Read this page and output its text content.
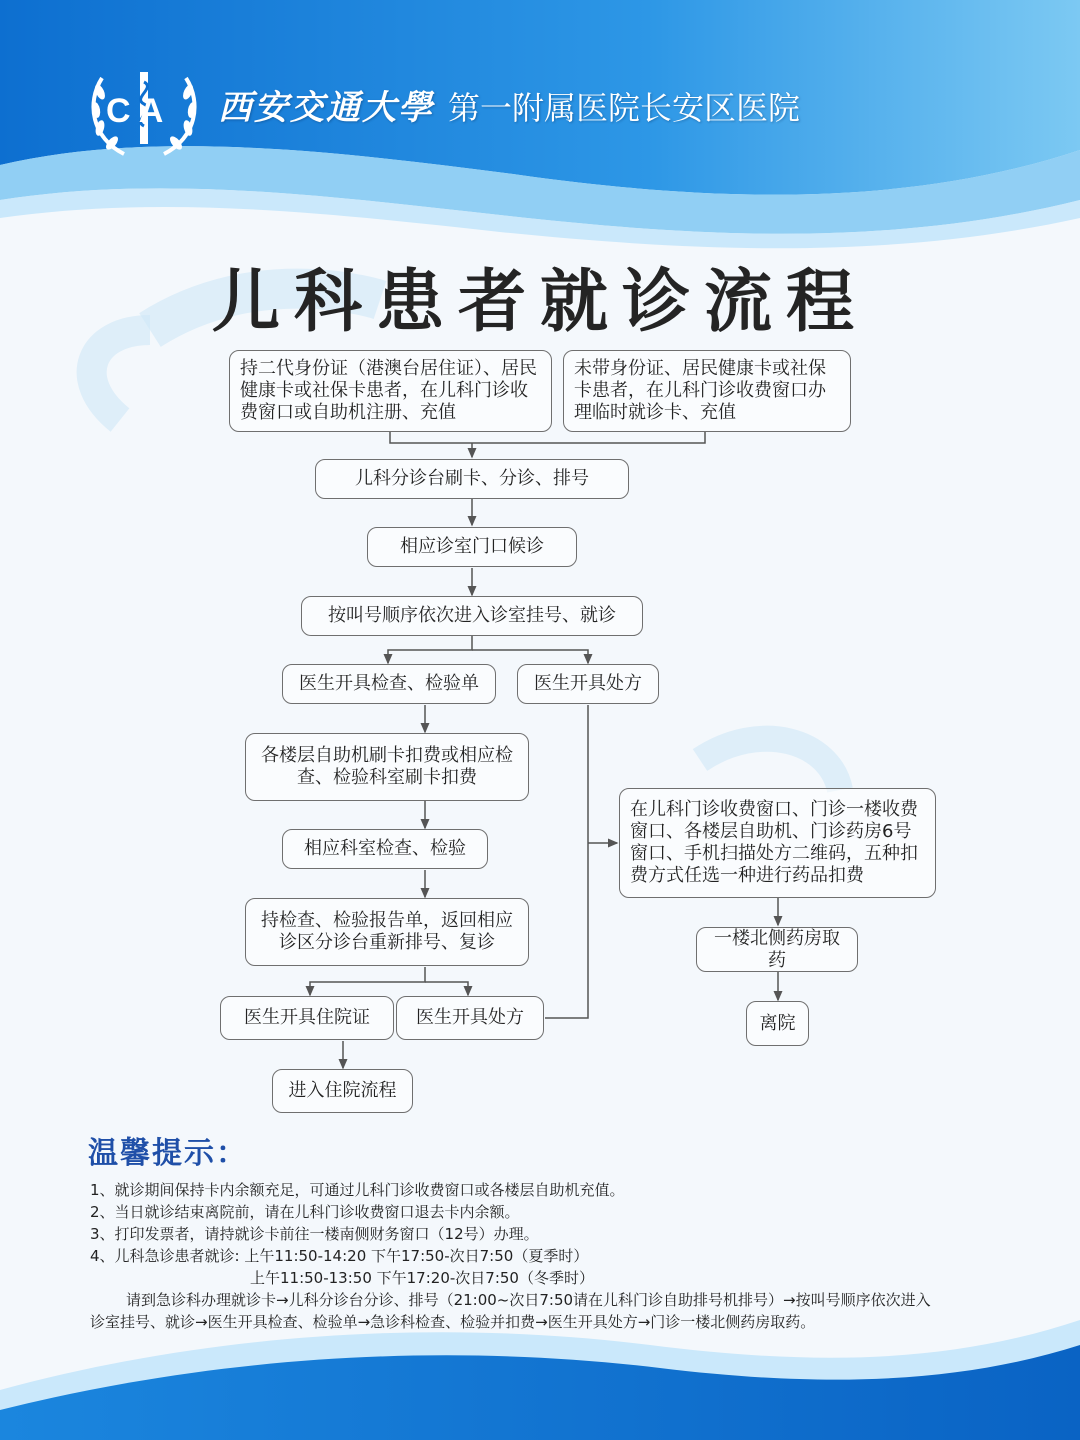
C A 西安交通大學 第一附属医院长安区医院
儿科患者就诊流程
持二代身份证（港澳台居住证）、居民健康卡或社保卡患者，在儿科门诊收费窗口或自助机注册、充值
未带身份证、居民健康卡或社保卡患者，在儿科门诊收费窗口办理临时就诊卡、充值
儿科分诊台刷卡、分诊、排号
相应诊室门口候诊
按叫号顺序依次进入诊室挂号、就诊
医生开具检查、检验单	医生开具处方
各楼层自助机刷卡扣费或相应检查、检验科室刷卡扣费
相应科室检查、检验
持检查、检验报告单，返回相应诊区分诊台重新排号、复诊
医生开具住院证	医生开具处方
进入住院流程
在儿科门诊收费窗口、门诊一楼收费窗口、各楼层自助机、门诊药房6号窗口、手机扫描处方二维码，五种扣费方式任选一种进行药品扣费
一楼北侧药房取药
离院
温馨提示：
1、就诊期间保持卡内余额充足，可通过儿科门诊收费窗口或各楼层自助机充值。
2、当日就诊结束离院前，请在儿科门诊收费窗口退去卡内余额。
3、打印发票者，请持就诊卡前往一楼南侧财务窗口（12号）办理。
4、儿科急诊患者就诊: 上午11:50-14:20 下午17:50-次日7:50（夏季时）
上午11:50-13:50 下午17:20-次日7:50（冬季时）
请到急诊科办理就诊卡→儿科分诊台分诊、排号（21:00~次日7:50请在儿科门诊自助排号机排号）→按叫号顺序依次进入
诊室挂号、就诊→医生开具检查、检验单→急诊科检查、检验并扣费→医生开具处方→门诊一楼北侧药房取药。
